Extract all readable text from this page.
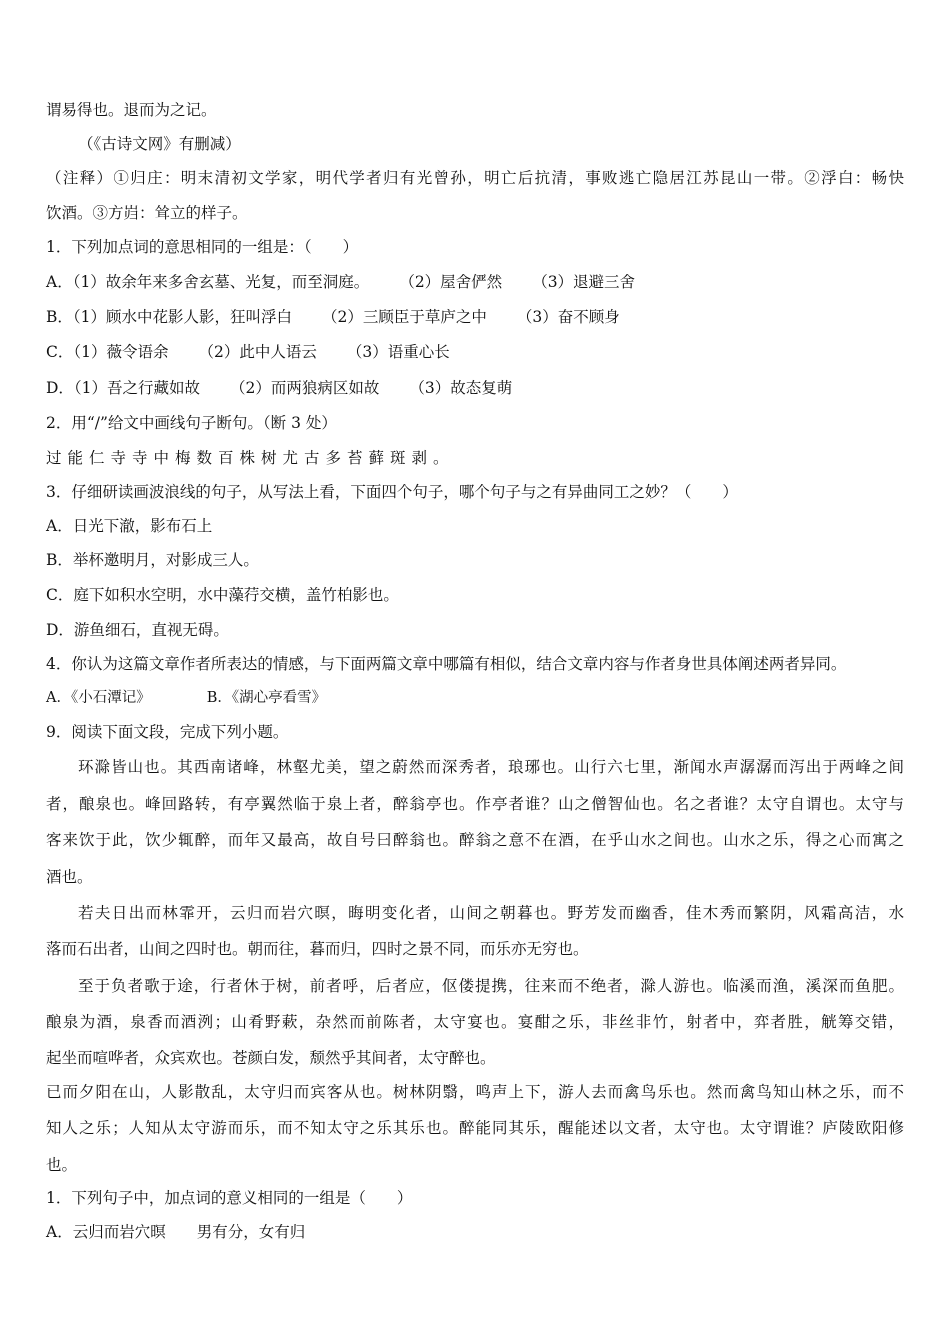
谓易得也。退而为之记。
（《古诗文网》有删减）
（注释）①归庄：明末清初文学家，明代学者归有光曾孙，明亡后抗清，事败逃亡隐居江苏昆山一带。②浮白：畅快
饮酒。③方岿：耸立的样子。
1．下列加点词的意思相同的一组是：（　　）
A．（1）故余年来多舍玄墓、光复，而至洞庭。 （2）屋舍俨然 （3）退避三舍
B．（1）顾水中花影人影，狂叫浮白 （2）三顾臣于草庐之中 （3）奋不顾身
C．（1）薇令语余 （2）此中人语云 （3）语重心长
D．（1）吾之行藏如故 （2）而两狼病区如故 （3）故态复萌
2．用“/”给文中画线句子断句。（断 3 处）
过能仁寺寺中梅数百株树尤古多苔藓斑剥。
3．仔细研读画波浪线的句子，从写法上看，下面四个句子，哪个句子与之有异曲同工之妙？（　　）
A．日光下澈，影布石上
B．举杯邀明月，对影成三人。
C．庭下如积水空明，水中藻荇交横，盖竹柏影也。
D．游鱼细石，直视无碍。
4．你认为这篇文章作者所表达的情感，与下面两篇文章中哪篇有相似，结合文章内容与作者身世具体阐述两者异同。
A．《小石潭记》	B．《湖心亭看雪》
9．阅读下面文段，完成下列小题。
环滁皆山也。其西南诸峰，林壑尤美，望之蔚然而深秀者，琅琊也。山行六七里，渐闻水声潺潺而泻出于两峰之间
者，酿泉也。峰回路转，有亭翼然临于泉上者，醉翁亭也。作亭者谁？山之僧智仙也。名之者谁？太守自谓也。太守与
客来饮于此，饮少辄醉，而年又最高，故自号曰醉翁也。醉翁之意不在酒，在乎山水之间也。山水之乐，得之心而寓之
酒也。
若夫日出而林霏开，云归而岩穴暝，晦明变化者，山间之朝暮也。野芳发而幽香，佳木秀而繁阴，风霜高洁，水
落而石出者，山间之四时也。朝而往，暮而归，四时之景不同，而乐亦无穷也。
至于负者歌于途，行者休于树，前者呼，后者应，伛偻提携，往来而不绝者，滁人游也。临溪而渔，溪深而鱼肥。
酿泉为酒，泉香而酒洌；山肴野蔌，杂然而前陈者，太守宴也。宴酣之乐，非丝非竹，射者中，弈者胜，觥筹交错，
起坐而喧哗者，众宾欢也。苍颜白发，颓然乎其间者，太守醉也。
已而夕阳在山，人影散乱，太守归而宾客从也。树林阴翳，鸣声上下，游人去而禽鸟乐也。然而禽鸟知山林之乐，而不
知人之乐；人知从太守游而乐，而不知太守之乐其乐也。醉能同其乐，醒能述以文者，太守也。太守谓谁？庐陵欧阳修
也。
1．下列句子中，加点词的意义相同的一组是（　　）
A．云归而岩穴暝　　男有分，女有归
